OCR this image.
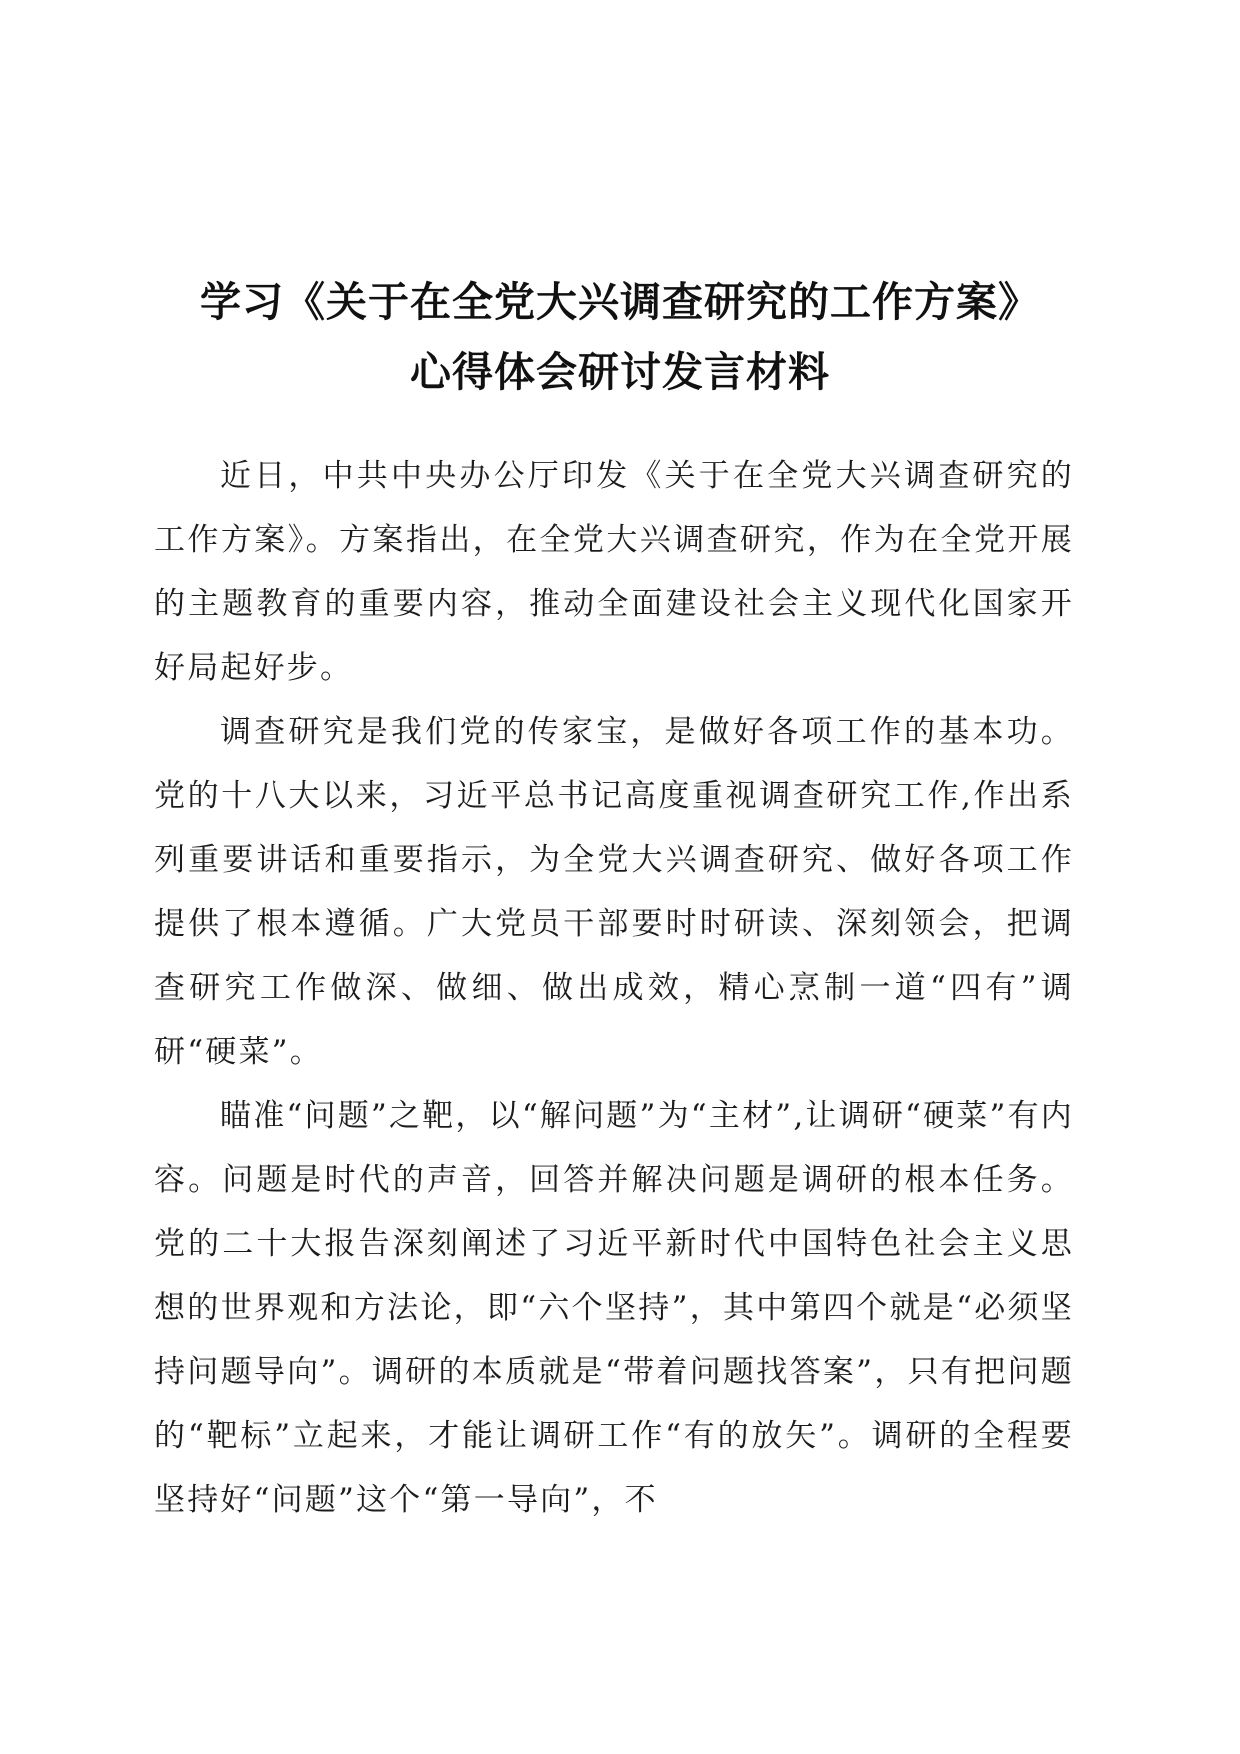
学习《关于在全党大兴调查研究的工作方案》
心得体会研讨发言材料

近日，中共中央办公厅印发《关于在全党大兴调查研究的工作方案》。方案指出，在全党大兴调查研究，作为在全党开展的主题教育的重要内容，推动全面建设社会主义现代化国家开好局起好步。

调查研究是我们党的传家宝，是做好各项工作的基本功。党的十八大以来，习近平总书记高度重视调查研究工作,作出系列重要讲话和重要指示，为全党大兴调查研究、做好各项工作提供了根本遵循。广大党员干部要时时研读、深刻领会，把调查研究工作做深、做细、做出成效，精心烹制一道“四有”调研“硬菜”。

瞄准“问题”之靶，以“解问题”为“主材”,让调研“硬菜”有内容。问题是时代的声音，回答并解决问题是调研的根本任务。党的二十大报告深刻阐述了习近平新时代中国特色社会主义思想的世界观和方法论，即“六个坚持”，其中第四个就是“必须坚持问题导向”。调研的本质就是“带着问题找答案”，只有把问题的“靶标”立起来，才能让调研工作“有的放矢”。调研的全程要坚持好“问题”这个“第一导向”，不
